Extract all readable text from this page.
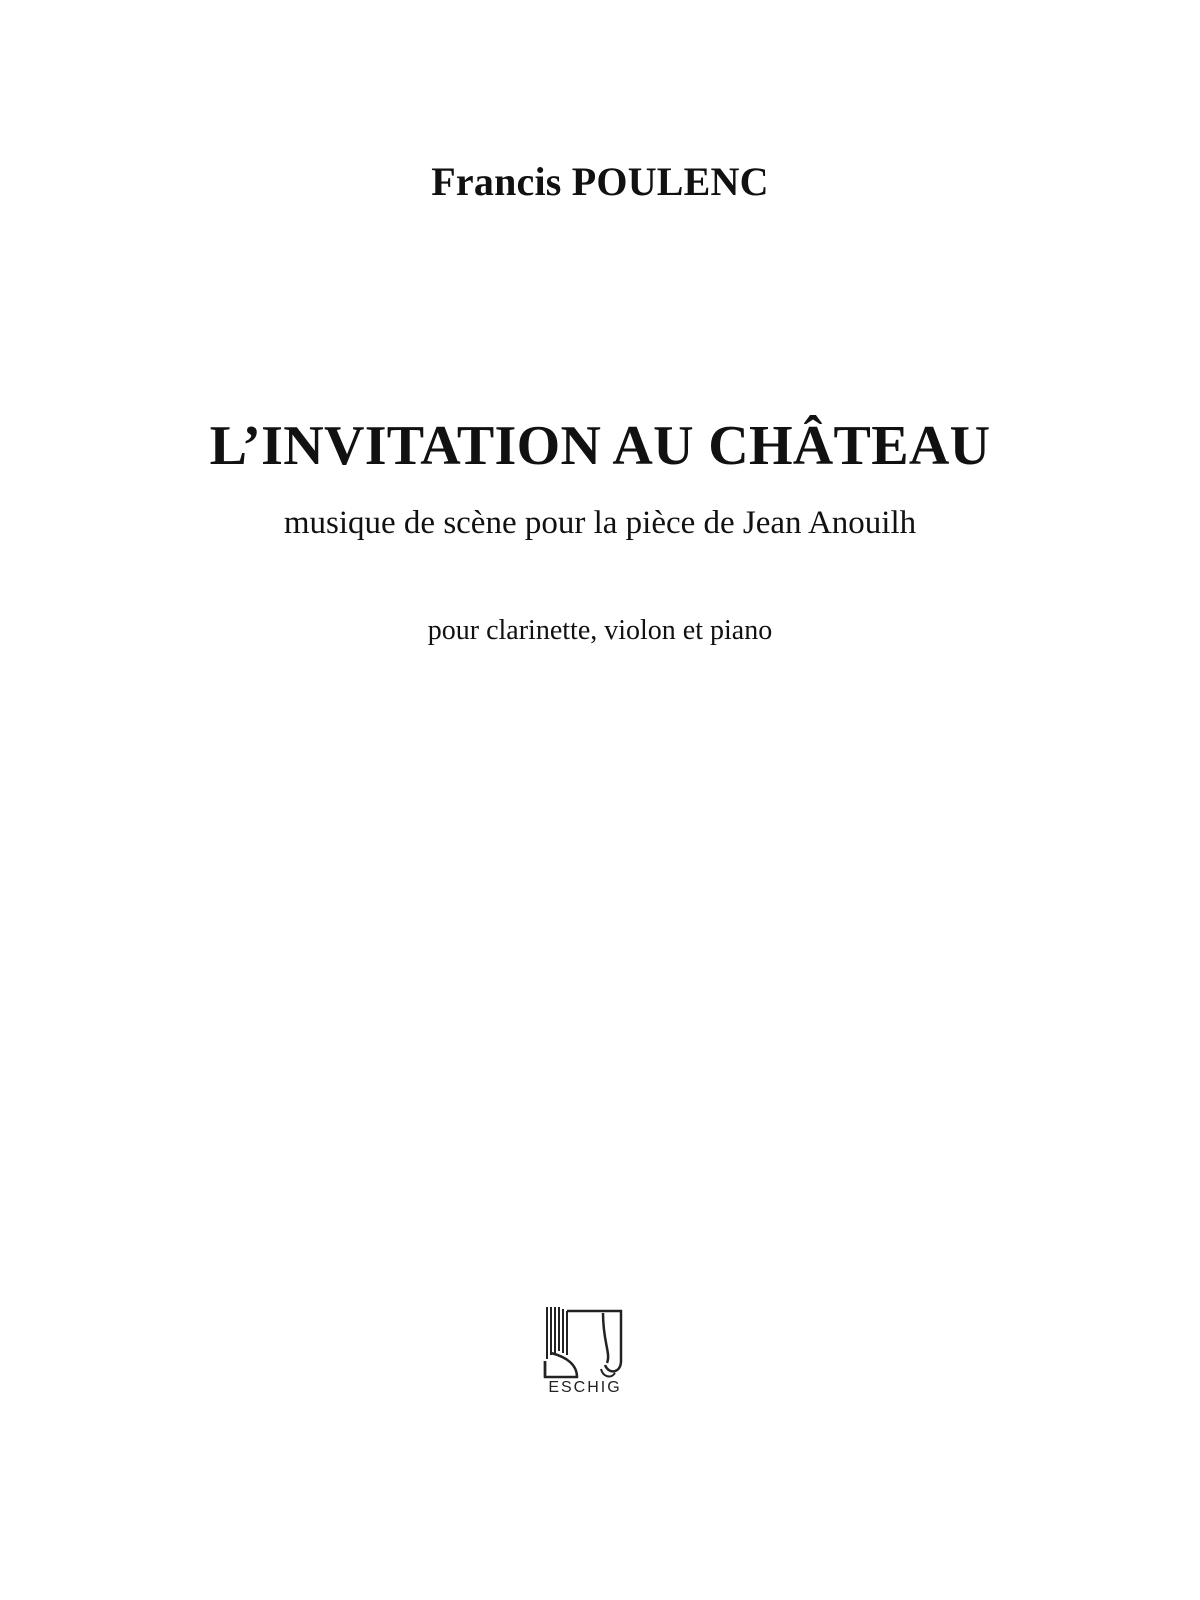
Francis POULENC
L’INVITATION AU CHÂTEAU
musique de scène pour la pièce de Jean Anouilh
pour clarinette, violon et piano
ESCHIG
